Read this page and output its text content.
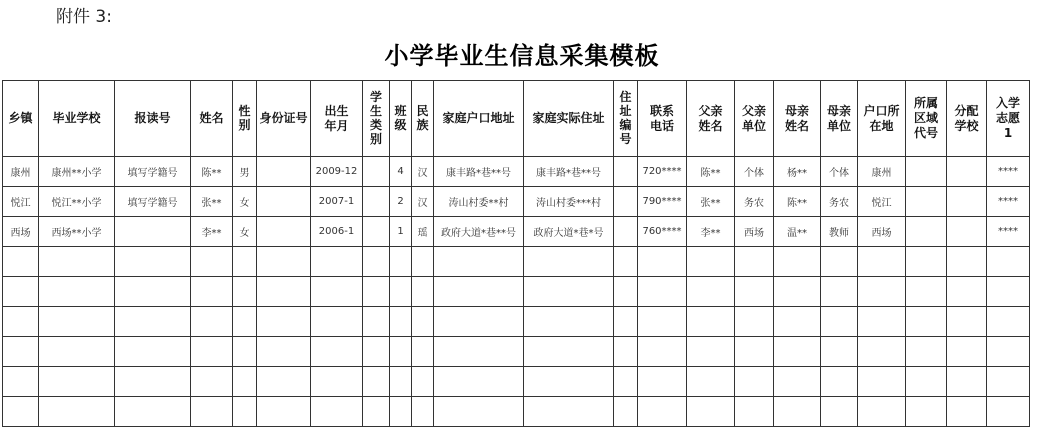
附件 3:
小学毕业生信息采集模板
乡镇	毕业学校	报读号	姓名	性别	身份证号	出生年月	学生类别	班级	民族	家庭户口地址	家庭实际住址	住址编号	联系电话	父亲姓名	父亲单位	母亲姓名	母亲单位	户口所在地	所属区域代号	分配学校	入学志愿1
康州	康州**小学	填写学籍号	陈**	男		2009-12		4	汉	康丰路*巷**号	康丰路*巷**号		720****	陈**	个体	杨**	个体	康州			****
悦江	悦江**小学	填写学籍号	张**	女		2007-1		2	汉	涛山村委**村	涛山村委***村		790****	张**	务农	陈**	务农	悦江			****
西场	西场**小学		李**	女		2006-1		1	瑶	政府大道*巷**号	政府大道*巷*号		760****	李**	西场	温**	教师	西场			****
